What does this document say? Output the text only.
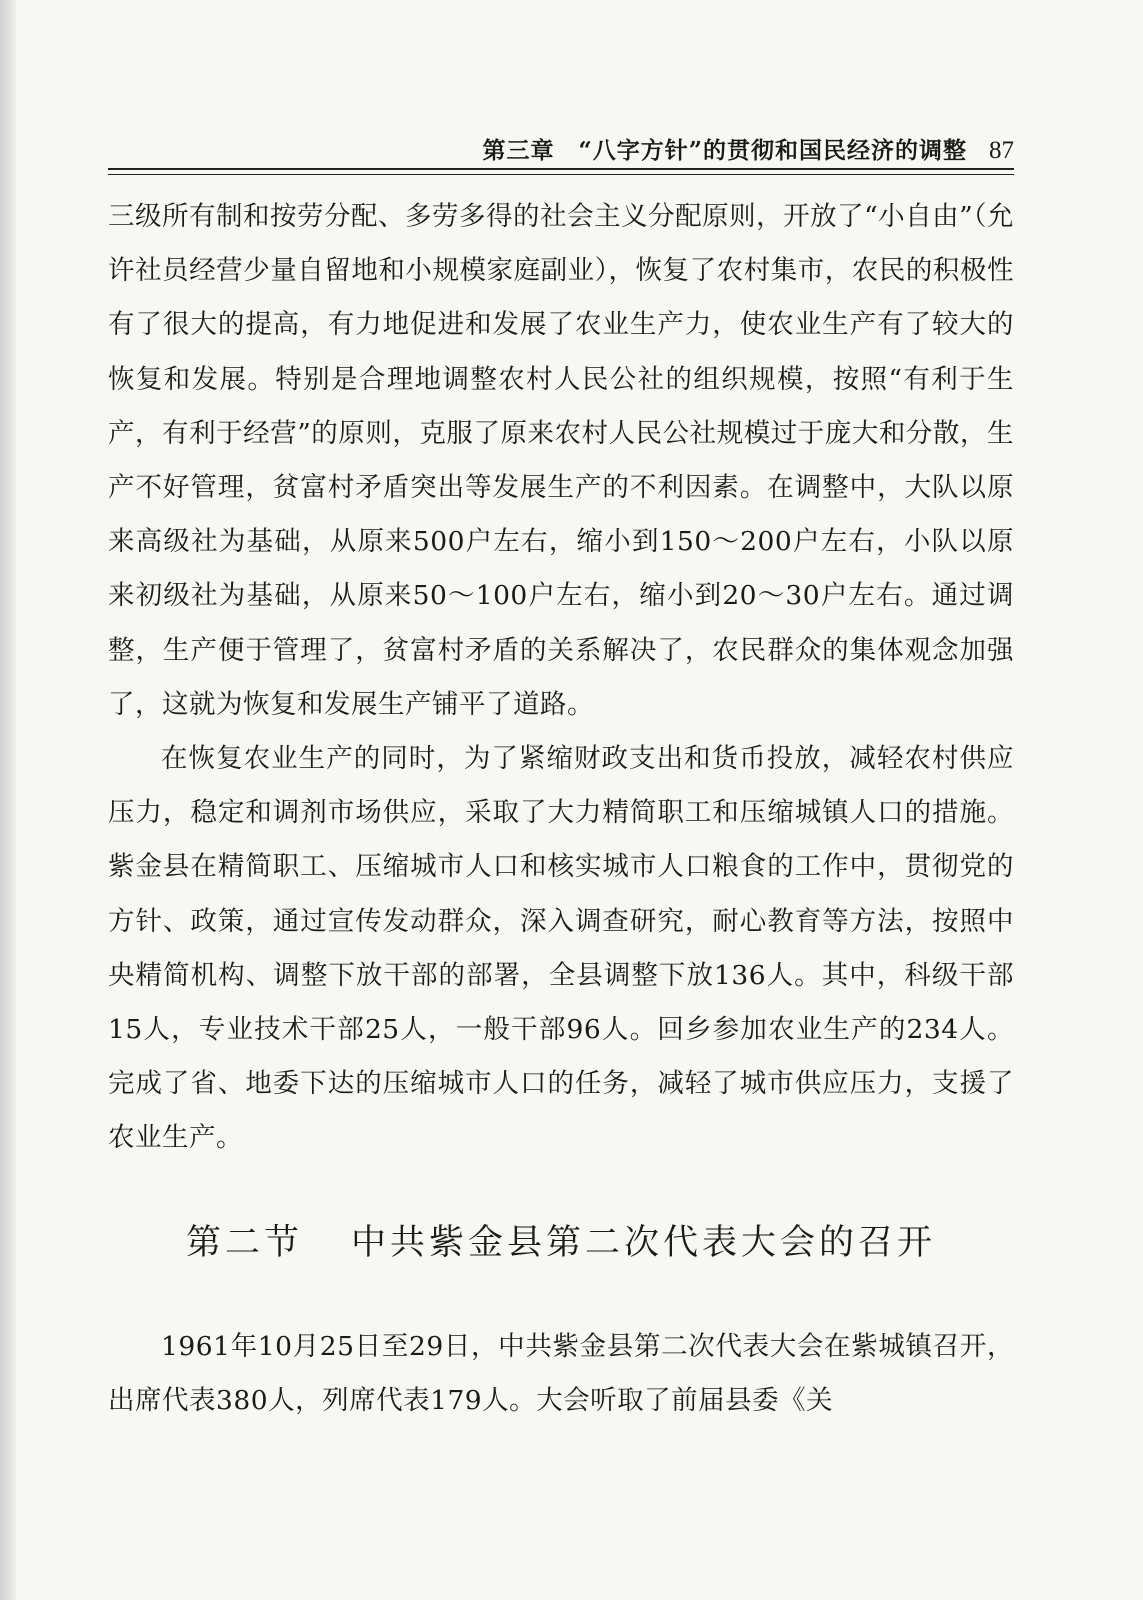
第三章　“八字方针”的贯彻和国民经济的调整 87

三级所有制和按劳分配、多劳多得的社会主义分配原则，开放了“小自由”（允许社员经营少量自留地和小规模家庭副业），恢复了农村集市，农民的积极性有了很大的提高，有力地促进和发展了农业生产力，使农业生产有了较大的恢复和发展。特别是合理地调整农村人民公社的组织规模，按照“有利于生产，有利于经营”的原则，克服了原来农村人民公社规模过于庞大和分散，生产不好管理，贫富村矛盾突出等发展生产的不利因素。在调整中，大队以原来高级社为基础，从原来500户左右，缩小到150～200户左右，小队以原来初级社为基础，从原来50～100户左右，缩小到20～30户左右。通过调整，生产便于管理了，贫富村矛盾的关系解决了，农民群众的集体观念加强了，这就为恢复和发展生产铺平了道路。

在恢复农业生产的同时，为了紧缩财政支出和货币投放，减轻农村供应压力，稳定和调剂市场供应，采取了大力精简职工和压缩城镇人口的措施。紫金县在精简职工、压缩城市人口和核实城市人口粮食的工作中，贯彻党的方针、政策，通过宣传发动群众，深入调查研究，耐心教育等方法，按照中央精简机构、调整下放干部的部署，全县调整下放136人。其中，科级干部15人，专业技术干部25人，一般干部96人。回乡参加农业生产的234人。完成了省、地委下达的压缩城市人口的任务，减轻了城市供应压力，支援了农业生产。

第二节 中共紫金县第二次代表大会的召开

1961年10月25日至29日，中共紫金县第二次代表大会在紫城镇召开，出席代表380人，列席代表179人。大会听取了前届县委《关
